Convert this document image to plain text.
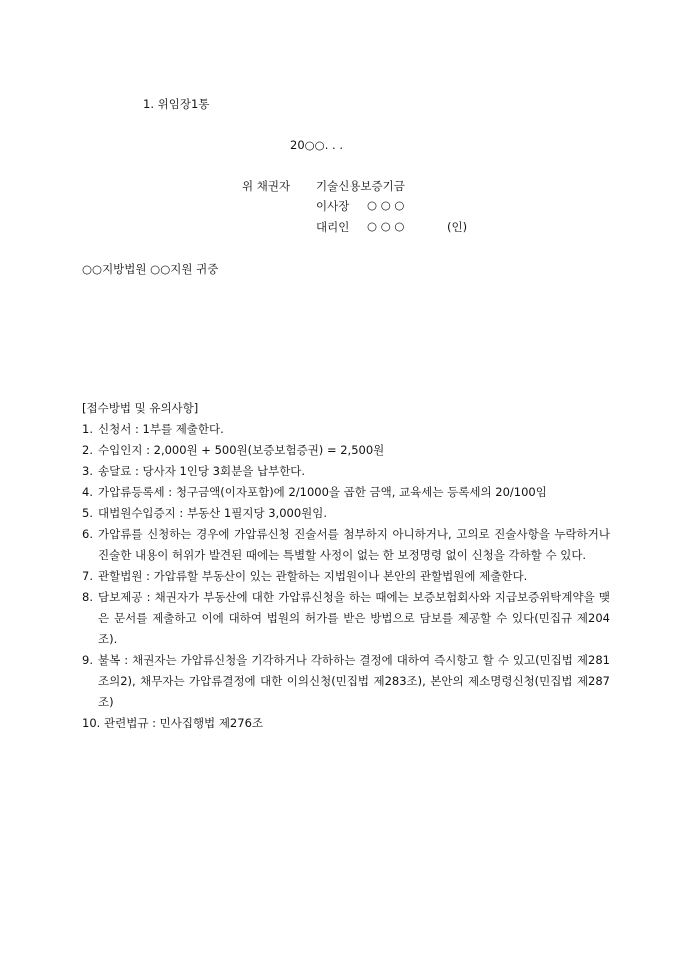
1. 위임장1통
20○○. . .
위 채권자 기술신용보증기금
이사장 ○ ○ ○
대리인 ○ ○ ○	(인)
○○지방법원 ○○지원 귀중
[접수방법 및 유의사항]
1. 신청서 : 1부를 제출한다.
2. 수입인지 : 2,000원 + 500원(보증보험증권) = 2,500원
3. 송달료 : 당사자 1인당 3회분을 납부한다.
4. 가압류등록세 : 청구금액(이자포함)에 2/1000을 곱한 금액, 교육세는 등록세의 20/100임
5. 대법원수입증지 : 부동산 1필지당 3,000원임.
6. 가압류를 신청하는 경우에 가압류신청 진술서를 첨부하지 아니하거나, 고의로 진술사항을 누락하거나 진술한 내용이 허위가 발견된 때에는 특별할 사정이 없는 한 보정명령 없이 신청을 각하할 수 있다.
7. 관할법원 : 가압류할 부동산이 있는 관할하는 지법원이나 본안의 관할법원에 제출한다.
8. 담보제공 : 채권자가 부동산에 대한 가압류신청을 하는 때에는 보증보험회사와 지급보증위탁계약을 맺은 문서를 제출하고 이에 대하여 법원의 허가를 받은 방법으로 담보를 제공할 수 있다(민집규 제204조).
9. 불복 : 채권자는 가압류신청을 기각하거나 각하하는 결정에 대하여 즉시항고 할 수 있고(민집법 제281조의2), 채무자는 가압류결정에 대한 이의신청(민집법 제283조), 본안의 제소명령신청(민집법 제287조)
10. 관련법규 : 민사집행법 제276조
